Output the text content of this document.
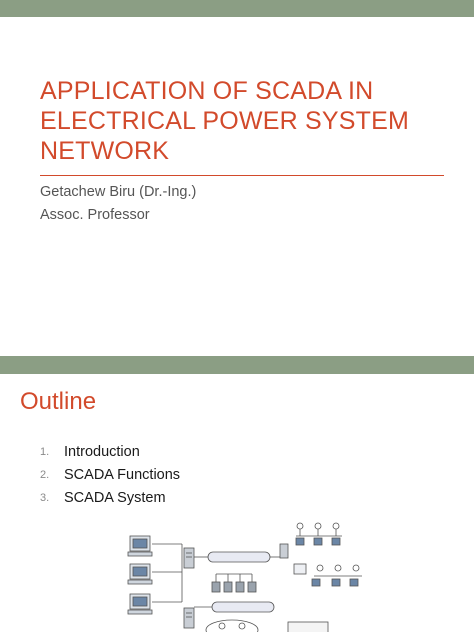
APPLICATION OF SCADA IN
ELECTRICAL POWER SYSTEM
NETWORK
Getachew Biru (Dr.-Ing.)
Assoc. Professor
Outline
1.	Introduction
2.	SCADA Functions
3.	SCADA System
